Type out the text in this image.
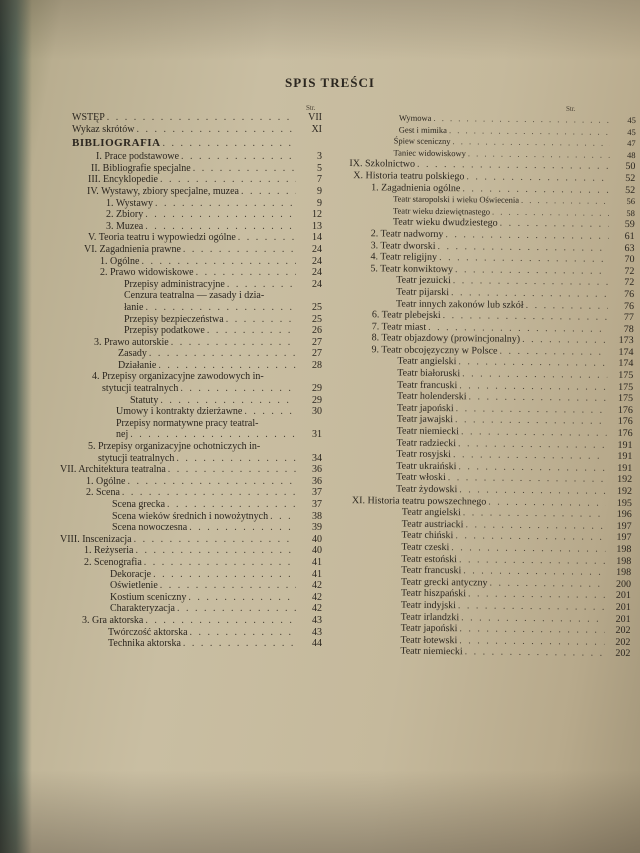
SPIS TREŚCI
Str.	Str.
WSTĘP . . .	VII
Wykaz skrótów . . .	XI
BIBLIOGRAFIA
. . .
I. Prace podstawowe . . .	3
II. Bibliografie specjalne . . .	5
III. Encyklopedie . . .	7
IV. Wystawy, zbiory specjalne, muzea . . .	9
1. Wystawy . . .	9
2. Zbiory . . .	12
3. Muzea . . .	13
V. Teoria teatru i wypowiedzi ogólne . . .	14
VI. Zagadnienia prawne . . .	24
1. Ogólne . . .	24
2. Prawo widowiskowe . . .	24
Przepisy administracyjne . . .	24
Cenzura teatralna — zasady i dzia-
łanie . . .	25
Przepisy bezpieczeństwa . . .	25
Przepisy podatkowe . . .	26
3. Prawo autorskie . . .	27
Zasady . . .	27
Działanie . . .	28
4. Przepisy organizacyjne zawodowych in-
stytucji teatralnych . . .	29
Statuty . . .	29
Umowy i kontrakty dzierżawne . . .	30
Przepisy normatywne pracy teatral-
nej . . .	31
5. Przepisy organizacyjne ochotniczych in-
stytucji teatralnych . . .	34
VII. Architektura teatralna . . .	36
1. Ogólne . . .	36
2. Scena . . .	37
Scena grecka . . .	37
Scena wieków średnich i nowożytnych . . .	38
Scena nowoczesna . . .	39
VIII. Inscenizacja . . .	40
1. Reżyseria . . .	40
2. Scenografia . . .	41
Dekoracje . . .	41
Oświetlenie . . .	42
Kostium sceniczny . . .	42
Charakteryzacja . . .	42
3. Gra aktorska . . .	43
Twórczość aktorska . . .	43
Technika aktorska . . .	44
Wymowa . . .	45
Gest i mimika . . .	45
Śpiew sceniczny . . .	47
Taniec widowiskowy . . .	48
IX. Szkolnictwo . . .	50
X. Historia teatru polskiego . . .	52
1. Zagadnienia ogólne . . .	52
Teatr staropolski i wieku Oświecenia . . .	56
Teatr wieku dziewiętnastego . . .	58
Teatr wieku dwudziestego . . .	59
2. Teatr nadworny . . .	61
3. Teatr dworski . . .	63
4. Teatr religijny . . .	70
5. Teatr konwiktowy . . .	72
Teatr jezuicki . . .	72
Teatr pijarski . . .	76
Teatr innych zakonów lub szkół . . .	76
6. Teatr plebejski . . .	77
7. Teatr miast . . .	78
8. Teatr objazdowy (prowincjonalny) . . .	173
9. Teatr obcojęzyczny w Polsce . . .	174
Teatr angielski . . .	174
Teatr białoruski . . .	175
Teatr francuski . . .	175
Teatr holenderski . . .	175
Teatr japoński . . .	176
Teatr jawajski . . .	176
Teatr niemiecki . . .	176
Teatr radziecki . . .	191
Teatr rosyjski . . .	191
Teatr ukraiński . . .	191
Teatr włoski . . .	192
Teatr żydowski . . .	192
XI. Historia teatru powszechnego . . .	195
Teatr angielski . . .	196
Teatr austriacki . . .	197
Teatr chiński . . .	197
Teatr czeski . . .	198
Teatr estoński . . .	198
Teatr francuski . . .	198
Teatr grecki antyczny . . .	200
Teatr hiszpański . . .	201
Teatr indyjski . . .	201
Teatr irlandzki . . .	201
Teatr japoński . . .	202
Teatr łotewski . . .	202
Teatr niemiecki . . .	202
